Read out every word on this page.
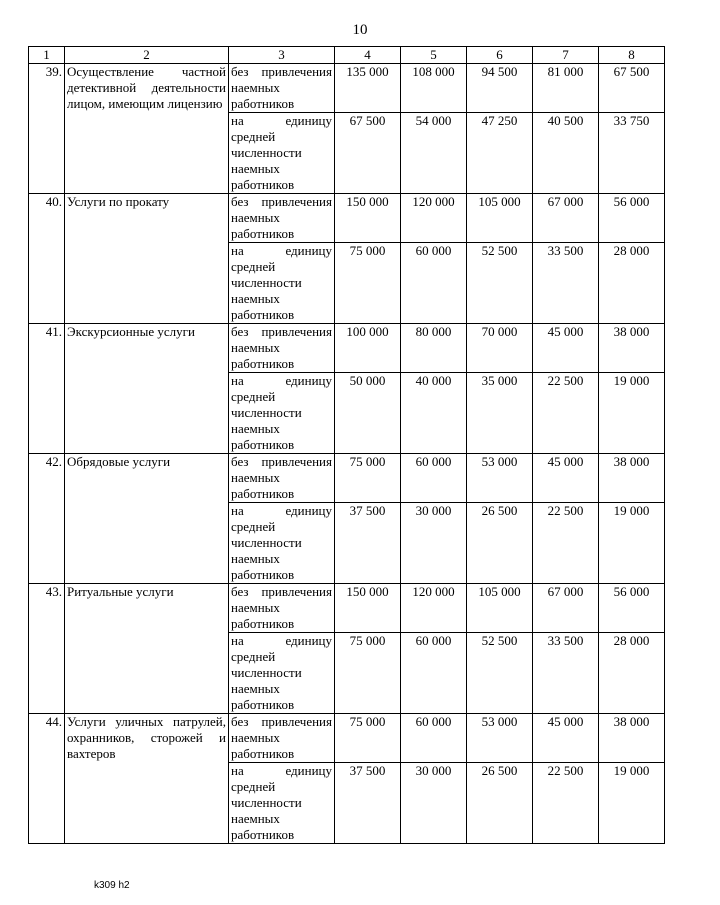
10
1	2	3	4	5	6	7	8
39.	Осуществление частной детективной деятельности лицом, имеющим лицензию	без привлечения наемных работников	135 000	108 000	94 500	81 000	67 500
		на единицу средней численности наемных работников	67 500	54 000	47 250	40 500	33 750
40.	Услуги по прокату	без привлечения наемных работников	150 000	120 000	105 000	67 000	56 000
		на единицу средней численности наемных работников	75 000	60 000	52 500	33 500	28 000
41.	Экскурсионные услуги	без привлечения наемных работников	100 000	80 000	70 000	45 000	38 000
		на единицу средней численности наемных работников	50 000	40 000	35 000	22 500	19 000
42.	Обрядовые услуги	без привлечения наемных работников	75 000	60 000	53 000	45 000	38 000
		на единицу средней численности наемных работников	37 500	30 000	26 500	22 500	19 000
43.	Ритуальные услуги	без привлечения наемных работников	150 000	120 000	105 000	67 000	56 000
		на единицу средней численности наемных работников	75 000	60 000	52 500	33 500	28 000
44.	Услуги уличных патрулей, охранников, сторожей и вахтеров	без привлечения наемных работников	75 000	60 000	53 000	45 000	38 000
		на единицу средней численности наемных работников	37 500	30 000	26 500	22 500	19 000
k309 h2
